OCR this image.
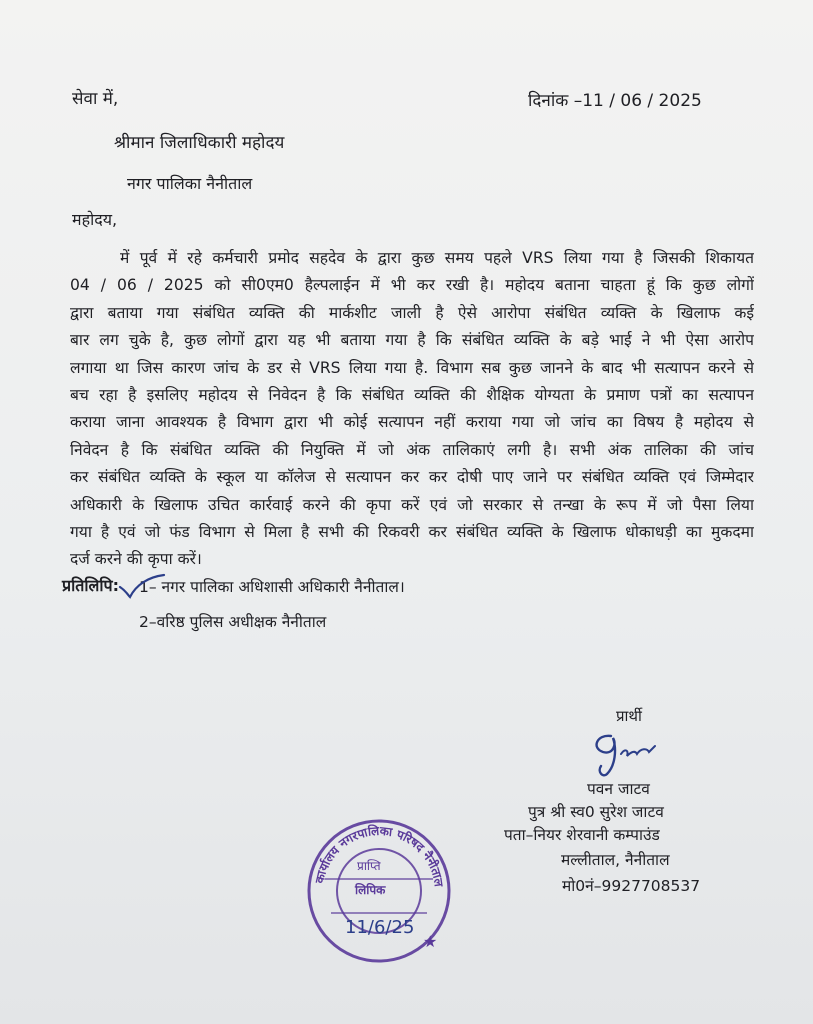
सेवा में,	दिनांक –11 / 06 / 2025
श्रीमान जिलाधिकारी महोदय
नगर पालिका नैनीताल
महोदय,
में पूर्व में रहे कर्मचारी प्रमोद सहदेव के द्वारा कुछ समय पहले VRS लिया गया है जिसकी शिकायत
04 / 06 / 2025 को सी0एम0 हैल्पलाईन में भी कर रखी है। महोदय बताना चाहता हूं कि कुछ लोगों
द्वारा बताया गया संबंधित व्यक्ति की मार्कशीट जाली है ऐसे आरोपा संबंधित व्यक्ति के खिलाफ कई
बार लग चुके है, कुछ लोगों द्वारा यह भी बताया गया है कि संबंधित व्यक्ति के बड़े भाई ने भी ऐसा आरोप
लगाया था जिस कारण जांच के डर से VRS लिया गया है. विभाग सब कुछ जानने के बाद भी सत्यापन करने से
बच रहा है इसलिए महोदय से निवेदन है कि संबंधित व्यक्ति की शैक्षिक योग्यता के प्रमाण पत्रों का सत्यापन
कराया जाना आवश्यक है विभाग द्वारा भी कोई सत्यापन नहीं कराया गया जो जांच का विषय है महोदय से
निवेदन है कि संबंधित व्यक्ति की नियुक्ति में जो अंक तालिकाएं लगी है। सभी अंक तालिका की जांच
कर संबंधित व्यक्ति के स्कूल या कॉलेज से सत्यापन कर कर दोषी पाए जाने पर संबंधित व्यक्ति एवं जिम्मेदार
अधिकारी के खिलाफ उचित कार्रवाई करने की कृपा करें एवं जो सरकार से तन्खा के रूप में जो पैसा लिया
गया है एवं जो फंड विभाग से मिला है सभी की रिकवरी कर संबंधित व्यक्ति के खिलाफ धोकाधड़ी का मुकदमा
दर्ज करने की कृपा करें।
प्रतिलिपि: 1– नगर पालिका अधिशासी अधिकारी नैनीताल।
2–वरिष्ठ पुलिस अधीक्षक नैनीताल
प्रार्थी
पवन जाटव
पुत्र श्री स्व0 सुरेश जाटव
पता–नियर शेरवानी कम्पाउंड
मल्लीताल, नैनीताल
मो0नं–9927708537
कार्यालय नगरपालिका परिषद नैनीताल
★
प्राप्ति
लिपिक
11/6/25
